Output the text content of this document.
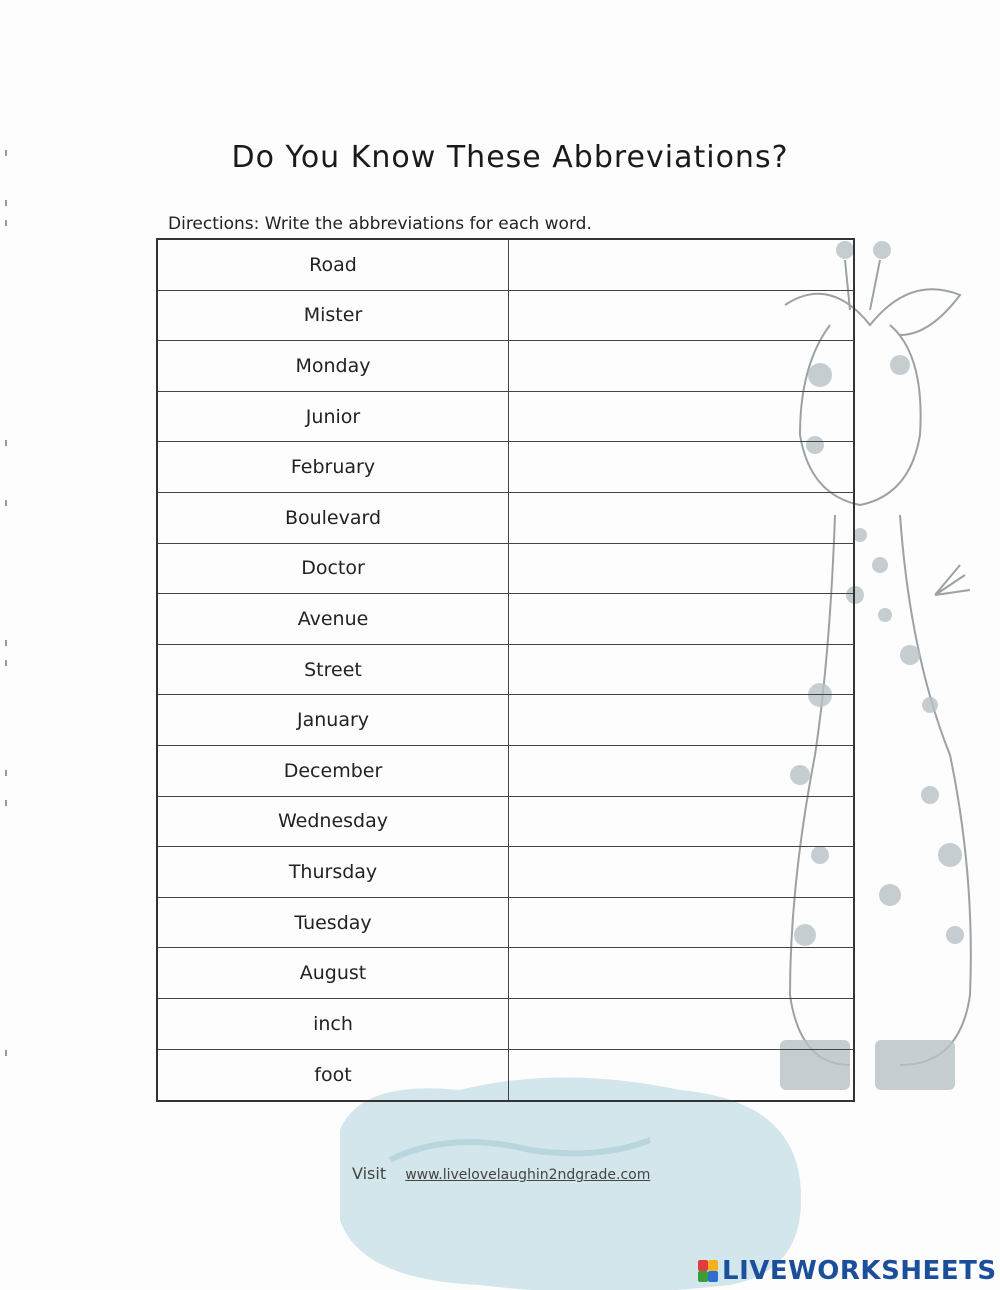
Do You Know These Abbreviations?
Directions: Write the abbreviations for each word.
Road
Mister
Monday
Junior
February
Boulevard
Doctor
Avenue
Street
January
December
Wednesday
Thursday
Tuesday
August
inch
foot
Visit www.livelovelaughin2ndgrade.com
LIVEWORKSHEETS
